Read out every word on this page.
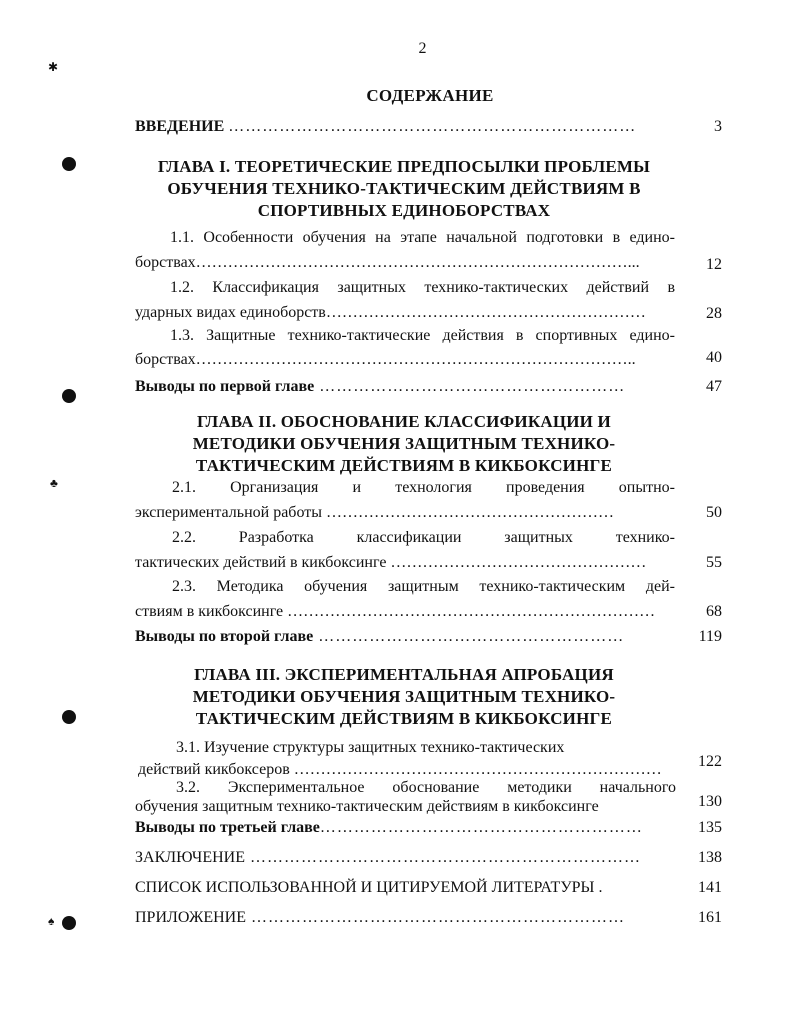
2
СОДЕРЖАНИЕ
✱
♣
♠
ВВЕДЕНИЕ ………………………………………………………………	3
ГЛАВА I. ТЕОРЕТИЧЕСКИЕ ПРЕДПОСЫЛКИ ПРОБЛЕМЫ
ОБУЧЕНИЯ ТЕХНИКО-ТАКТИЧЕСКИМ ДЕЙСТВИЯМ В
СПОРТИВНЫХ ЕДИНОБОРСТВАХ
1.1. Особенности обучения на этапе начальной подготовки в едино-
борствах………………………………………………………………………...	12
1.2. Классификация защитных технико-тактических действий в
ударных видах единоборств……………………………………………………	28
1.3. Защитные технико-тактические действия в спортивных едино-
борствах………………………………………………………………………..	40
Выводы по первой главе ………………………………………………	47
ГЛАВА II. ОБОСНОВАНИЕ КЛАССИФИКАЦИИ И
МЕТОДИКИ ОБУЧЕНИЯ ЗАЩИТНЫМ ТЕХНИКО-
ТАКТИЧЕСКИМ ДЕЙСТВИЯМ В КИКБОКСИНГЕ
2.1. Организация и технология проведения опытно-
экспериментальной работы ………………………………………………	50
2.2. Разработка классификации защитных технико-
тактических действий в кикбоксинге …………………………………………	55
2.3. Методика обучения защитным технико-тактическим дей-
ствиям в кикбоксинге ……………………………………………………………	68
Выводы по второй главе ………………………………………………	119
ГЛАВА III. ЭКСПЕРИМЕНТАЛЬНАЯ АПРОБАЦИЯ
МЕТОДИКИ ОБУЧЕНИЯ ЗАЩИТНЫМ ТЕХНИКО-
ТАКТИЧЕСКИМ ДЕЙСТВИЯМ В КИКБОКСИНГЕ
3.1. Изучение структуры защитных технико-тактических
действий кикбоксеров ……………………………………………………………	122
3.2. Экспериментальное обоснование методики начального
обучения защитным технико-тактическим действиям в кикбоксинге	130
Выводы по третьей главе…………………………………………………	135
ЗАКЛЮЧЕНИЕ ……………………………………………………………	138
СПИСОК ИСПОЛЬЗОВАННОЙ И ЦИТИРУЕМОЙ ЛИТЕРАТУРЫ .	141
ПРИЛОЖЕНИЕ …………………………………………………………	161
